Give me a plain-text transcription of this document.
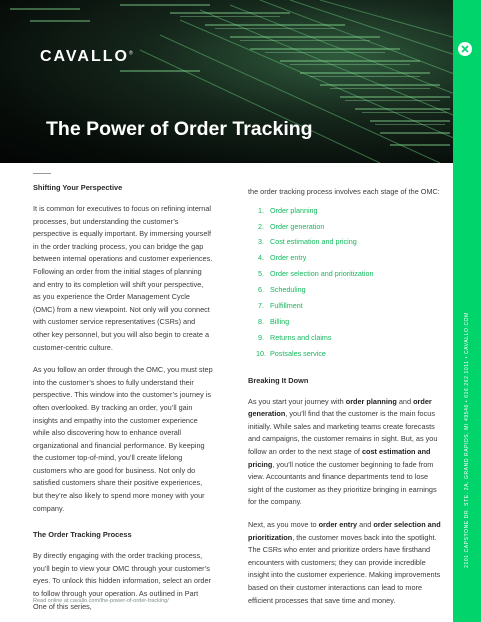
CAVALLO®
The Power of Order Tracking
2101 CAPSTONE DR. STE. 2A, GRAND RAPIDS, MI 49546 • 616.262.1011 • CAVALLO.COM
Shifting Your Perspective

It is common for executives to focus on refining internal processes, but understanding the customer’s perspective is equally important. By immersing yourself in the order tracking process, you can bridge the gap between internal operations and customer experiences. Following an order from the initial stages of planning and entry to its completion will shift your perspective, as you experience the Order Management Cycle (OMC) from a new viewpoint. Not only will you connect with customer service representatives (CSRs) and other key personnel, but you will also begin to create a customer-centric culture.

As you follow an order through the OMC, you must step into the customer’s shoes to fully understand their perspective. This window into the customer’s journey is often overlooked. By tracking an order, you’ll gain insights and empathy into the customer experience while also discovering how to enhance overall organizational and financial performance. By keeping the customer top-of-mind, you’ll create lifelong customers who are good for business. Not only do satisfied customers share their positive experiences, but they’re also likely to spend more money with your company.

The Order Tracking Process

By directly engaging with the order tracking process, you’ll begin to view your OMC through your customer’s eyes. To unlock this hidden information, select an order to follow through your operation. As outlined in Part One of this series,

the order tracking process involves each stage of the OMC:

1. Order planning
2. Order generation
3. Cost estimation and pricing
4. Order entry
5. Order selection and prioritization
6. Scheduling
7. Fulfillment
8. Billing
9. Returns and claims
10. Postsales service
Breaking It Down

As you start your journey with order planning and order generation, you’ll find that the customer is the main focus initially. While sales and marketing teams create forecasts and campaigns, the customer remains in sight. But, as you follow an order to the next stage of cost estimation and pricing, you’ll notice the customer beginning to fade from view. Accountants and finance departments tend to lose sight of the customer as they prioritize bringing in earnings for the company.

Next, as you move to order entry and order selection and prioritization, the customer moves back into the spotlight. The CSRs who enter and prioritize orders have firsthand encounters with customers; they can provide incredible insight into the customer experience. Making improvements based on their customer interactions can lead to more efficient processes that save time and money.

Read online at cavallo.com/the-power-of-order-tracking/
